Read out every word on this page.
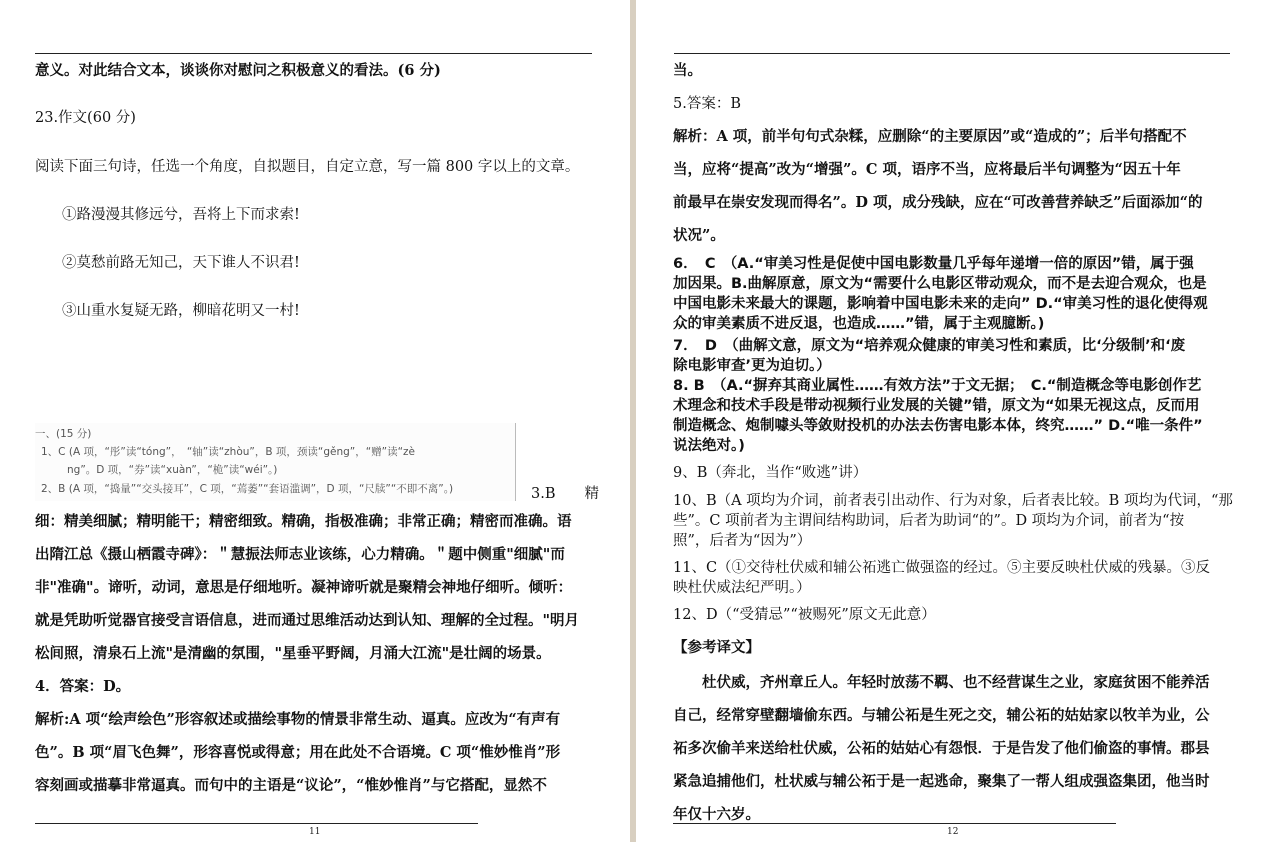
意义。对此结合文本，谈谈你对慰问之积极意义的看法。(6 分)
23.作文(60 分)
阅读下面三句诗，任选一个角度，自拟题目，自定立意，写一篇 800 字以上的文章。
①路漫漫其修远兮，吾将上下而求索!
②莫愁前路无知己，天下谁人不识君!
③山重水复疑无路，柳暗花明又一村!
一、(15 分)
1、C (A 项，“彤”读“tóng”，　“轴”读“zhòu”，B 项，颈读“gěng”，“赠”读“zè
ng”。D 项，“券”读“xuàn”，“桅”读“wéi”。)
2、B (A 项，“捣量”“交头接耳”，C 项，“蔫萎”“套语滥调”，D 项，“尺牍”“不即不离”。)	3.B　　精
细：精美细腻；精明能干；精密细致。精确，指极准确；非常正确；精密而准确。语
出隋江总《摄山栖霞寺碑》：＂慧振法师志业该练，心力精确。＂题中侧重"细腻"而
非"准确"。谛听，动词，意思是仔细地听。凝神谛听就是聚精会神地仔细听。倾听：
就是凭助听觉器官接受言语信息，进而通过思维活动达到认知、理解的全过程。"明月
松间照，清泉石上流"是清幽的氛围，"星垂平野阔，月涌大江流"是壮阔的场景。
4．答案：D。
解析:A 项“绘声绘色”形容叙述或描绘事物的情景非常生动、逼真。应改为“有声有
色”。B 项“眉飞色舞”，形容喜悦或得意；用在此处不合语境。C 项“惟妙惟肖”形
容刻画或描摹非常逼真。而句中的主语是“议论”，“惟妙惟肖”与它搭配，显然不
11
当。
5.答案：B
解析：A 项，前半句句式杂糅，应删除“的主要原因”或“造成的”；后半句搭配不
当，应将“提高”改为“增强”。C 项，语序不当，应将最后半句调整为“因五十年
前最早在崇安发现而得名”。D 项，成分残缺，应在“可改善营养缺乏”后面添加“的
状况”。
6．　C　（A.“审美习性是促使中国电影数量几乎每年递增一倍的原因”错，属于强
加因果。B.曲解原意，原文为“需要什么电影区带动观众，而不是去迎合观众，也是
中国电影未来最大的课题，影响着中国电影未来的走向” D.“审美习性的退化使得观
众的审美素质不进反退，也造成……”错，属于主观臆断。)
7．　D　（曲解文意，原文为“培养观众健康的审美习性和素质，比‘分级制’和‘废
除电影审查’更为迫切。）
8. B　（A.“摒弃其商业属性……有效方法”于文无据；　C.“制造概念等电影创作艺
术理念和技术手段是带动视频行业发展的关键”错，原文为“如果无视这点，反而用
制造概念、炮制噱头等敛财投机的办法去伤害电影本体，终究……” D.“唯一条件”
说法绝对。)
9、B（奔北，当作“败逃”讲）
10、B（A 项均为介词，前者表引出动作、行为对象，后者表比较。B 项均为代词，“那
些”。C 项前者为主谓间结构助词，后者为助词“的”。D 项均为介词，前者为“按
照”，后者为“因为”）
11、C（①交待杜伏威和辅公祏逃亡做强盗的经过。⑤主要反映杜伏威的残暴。③反
映杜伏威法纪严明。）
12、D（“受猜忌”“被赐死”原文无此意）
【参考译文】
杜伏威，齐州章丘人。年轻时放荡不羁、也不经营谋生之业，家庭贫困不能养活
自己，经常穿壁翻墙偷东西。与辅公祏是生死之交，辅公祏的姑姑家以牧羊为业，公
祏多次偷羊来送给杜伏威，公祏的姑姑心有怨恨．于是告发了他们偷盗的事情。郡县
紧急追捕他们，杜状威与辅公祏于是一起逃命，聚集了一帮人组成强盗集团，他当时
年仅十六岁。
12
